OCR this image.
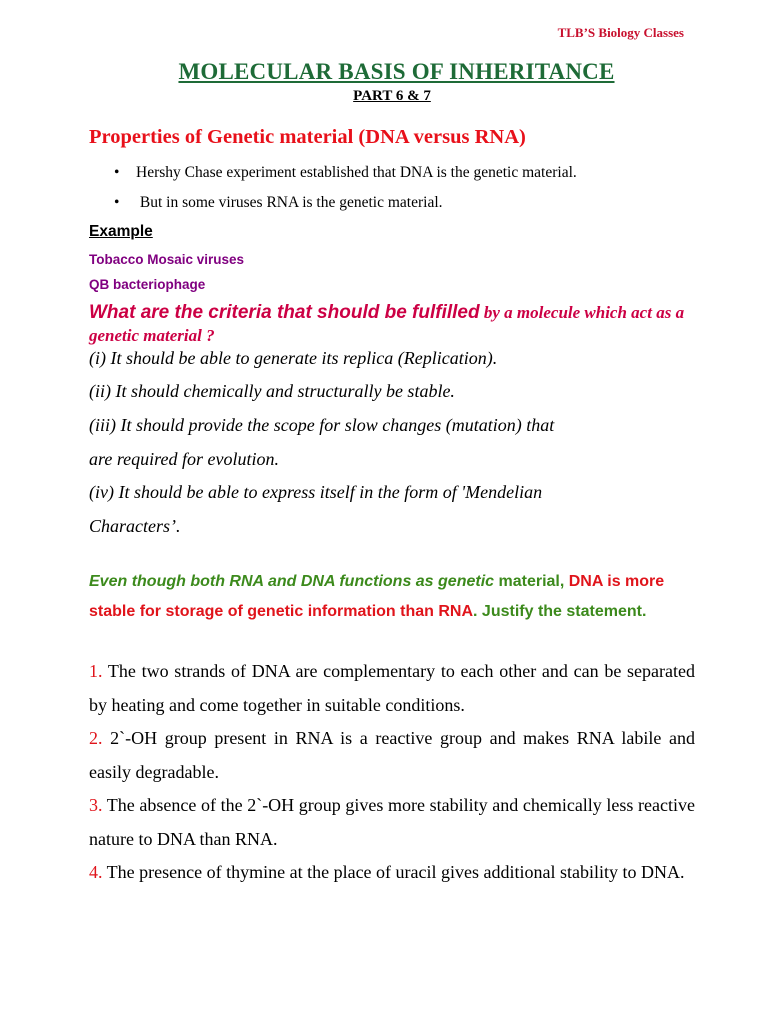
TLB’S Biology Classes
MOLECULAR BASIS OF INHERITANCE
PART 6 & 7
Properties of Genetic material (DNA versus RNA)
• Hershy Chase experiment established that DNA is the genetic material.
• But in some viruses RNA is the genetic material.
Example
Tobacco Mosaic viruses
QB bacteriophage
What are the criteria that should be fulfilled by a molecule which act as a genetic material ?
(i) It should be able to generate its replica (Replication).
(ii) It should chemically and structurally be stable.
(iii) It should provide the scope for slow changes (mutation) that
are required for evolution.
(iv) It should be able to express itself in the form of 'Mendelian
Characters’.
Even though both RNA and DNA functions as genetic material, DNA is more stable for storage of genetic information than RNA. Justify the statement.

1. The two strands of DNA are complementary to each other and can be separated by heating and come together in suitable conditions.

2. 2`-OH group present in RNA is a reactive group and makes RNA labile and easily degradable.

3. The absence of the 2`-OH group gives more stability and chemically less reactive nature to DNA than RNA.

4. The presence of thymine at the place of uracil gives additional stability to DNA.
